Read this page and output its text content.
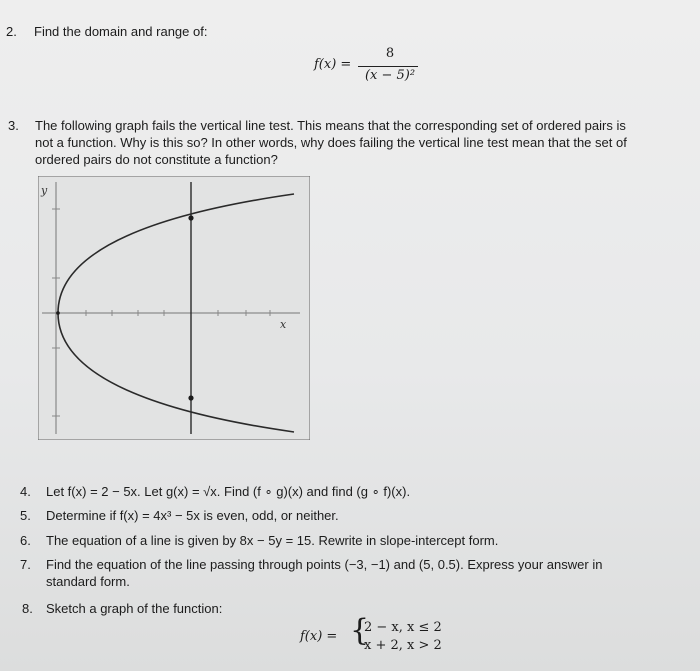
2. Find the domain and range of:
f(x) =
8
(x − 5)²
3. The following graph fails the vertical line test. This means that the corresponding set of ordered pairs is
not a function. Why is this so? In other words, why does failing the vertical line test mean that the set of
ordered pairs do not constitute a function?
y
x
4. Let f(x) = 2 − 5x. Let g(x) = √x. Find (f ∘ g)(x) and find (g ∘ f)(x).
5. Determine if f(x) = 4x³ − 5x is even, odd, or neither.
6. The equation of a line is given by 8x − 5y = 15. Rewrite in slope-intercept form.
7. Find the equation of the line passing through points (−3, −1) and (5, 0.5). Express your answer in
standard form.
8. Sketch a graph of the function:
f(x) = {
2 − x, x ≤ 2
x + 2, x > 2
